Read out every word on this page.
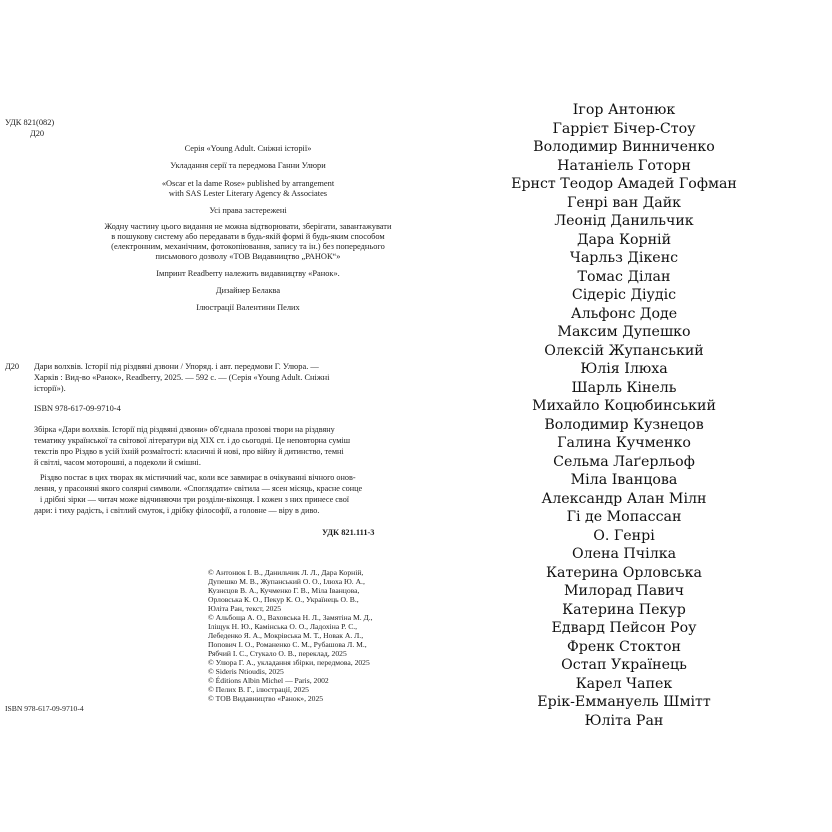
УДК 821(082)
Д20
Серія «Young Adult. Сніжні історії»
Укладання серії та передмова Ганни Улюри
«Oscar et la dame Rose» published by arrangement
with SAS Lester Literary Agency & Associates
Усі права застережені
Жодну частину цього видання не можна відтворювати, зберігати, завантажувати
в пошукову систему або передавати в будь-якій формі й будь-яким способом
(електронним, механічним, фотокопіювання, запису та ін.) без попереднього
письмового дозволу «ТОВ Видавництво „РАНОК“»
Імпринт Readberry належить видавництву «Ранок».
Дизайнер Белаква
Ілюстрації Валентини Пелих
Д20 Дари волхвів. Історії під різдвяні дзвони / Упоряд. і авт. передмови Г. Улюра. —
Харків : Вид-во «Ранок», Readberry, 2025. — 592 с. — (Серія «Young Adult. Сніжні
історії»).
ISBN 978-617-09-9710-4
Збірка «Дари волхвів. Історії під різдвяні дзвони» об'єднала прозові твори на різдвяну
тематику української та світової літератури від XIX ст. і до сьогодні. Це неповторна суміш
текстів про Різдво в усій їхній розмаїтості: класичні й нові, про війну й дитинство, темні
й світлі, часом моторошні, а подеколи й смішні.
Різдво постає в цих творах як містичний час, коли все завмирає в очікуванні вічного онов-
лення, у прасоняні якого солярні символи. «Споглядати» світила — ясен місяць, красне сонце
і дрібні зірки — читач може відчиняючи три розділи-віконця. І кожен з них принесе свої
дари: і тиху радість, і світлий смуток, і дрібку філософії, а головне — віру в диво.
УДК 821.111-3
© Антонюк І. В., Данильчик Л. Л., Дара Корній,
Дупешко М. В., Жупанський О. О., Ілюха Ю. А.,
Кузнєцов В. А., Кучменко Г. В., Міла Іванцова,
Орловська К. О., Пекур К. О., Українець О. В.,
Юліта Ран, текст, 2025
© Альбоща А. О., Ваховська Н. Л., Замятіна М. Д.,
Іліщук Н. Ю., Камінська О. О., Ладохіна Р. С.,
Лебеденко Я. А., Мокрівська М. Т., Новак А. Л.,
Попович І. О., Романенко С. М., Рубашова Л. М.,
Рябчий І. С., Стукало О. В., переклад, 2025
© Улюра Г. А., укладання збірки, передмова, 2025
© Sideris Ntioudis, 2025
© Éditions Albin Michel — Paris, 2002
© Пелих В. Г., ілюстрації, 2025
© ТОВ Видавництво «Ранок», 2025
ISBN 978-617-09-9710-4
Ігор Антонюк
Гаррієт Бічер-Стоу
Володимир Винниченко
Натаніель Готорн
Ернст Теодор Амадей Гофман
Генрі ван Дайк
Леонід Данильчик
Дара Корній
Чарльз Дікенс
Томас Ділан
Сідеріс Діудіс
Альфонс Доде
Максим Дупешко
Олексій Жупанський
Юлія Ілюха
Шарль Кінель
Михайло Коцюбинський
Володимир Кузнецов
Галина Кучменко
Сельма Лаґерльоф
Міла Іванцова
Александр Алан Мілн
Гі де Мопассан
О. Генрі
Олена Пчілка
Катерина Орловська
Милорад Павич
Катерина Пекур
Едвард Пейсон Роу
Френк Стоктон
Остап Українець
Карел Чапек
Ерік-Еммануель Шмітт
Юліта Ран
